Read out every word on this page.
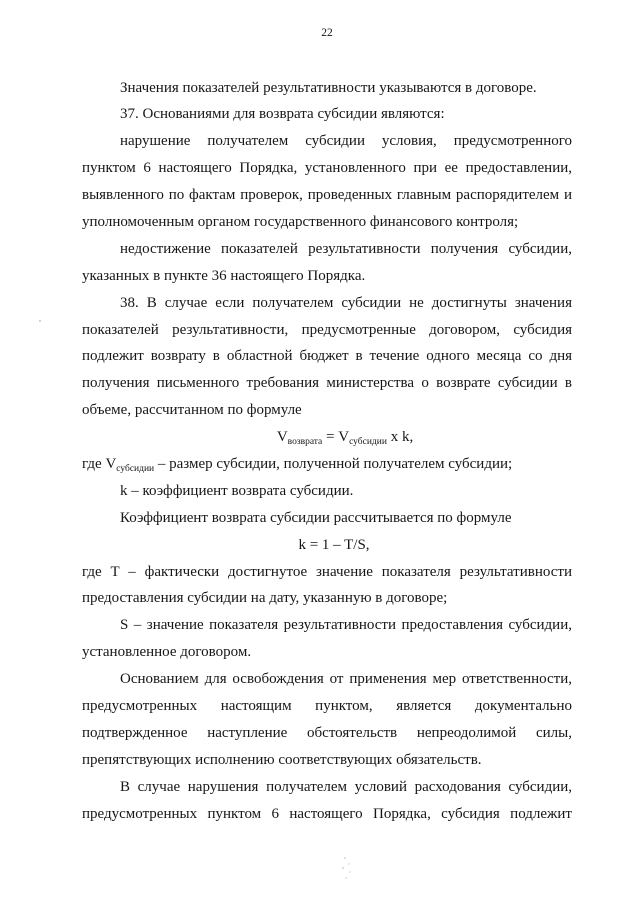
22
Значения показателей результативности указываются в договоре.
37. Основаниями для возврата субсидии являются:
нарушение получателем субсидии условия, предусмотренного
пунктом 6 настоящего Порядка, установленного при ее предоставлении,
выявленного по фактам проверок, проведенных главным распорядителем и
уполномоченным органом государственного финансового контроля;
недостижение показателей результативности получения субсидии,
указанных в пункте 36 настоящего Порядка.
38. В случае если получателем субсидии не достигнуты значения
показателей результативности, предусмотренные договором, субсидия
подлежит возврату в областной бюджет в течение одного месяца со дня
получения письменного требования министерства о возврате субсидии в
объеме, рассчитанном по формуле
$V_{возврата} = V_{субсидии}$ x k,
где $V_{субсидии}$ – размер субсидии, полученной получателем субсидии;
k – коэффициент возврата субсидии.
Коэффициент возврата субсидии рассчитывается по формуле
k = 1 – T/S,
где T – фактически достигнутое значение показателя результативности
предоставления субсидии на дату, указанную в договоре;
S – значение показателя результативности предоставления субсидии,
установленное договором.
Основанием для освобождения от применения мер ответственности,
предусмотренных настоящим пунктом, является документально
подтвержденное наступление обстоятельств непреодолимой силы,
препятствующих исполнению соответствующих обязательств.
В случае нарушения получателем условий расходования субсидии,
предусмотренных пунктом 6 настоящего Порядка, субсидия подлежит
